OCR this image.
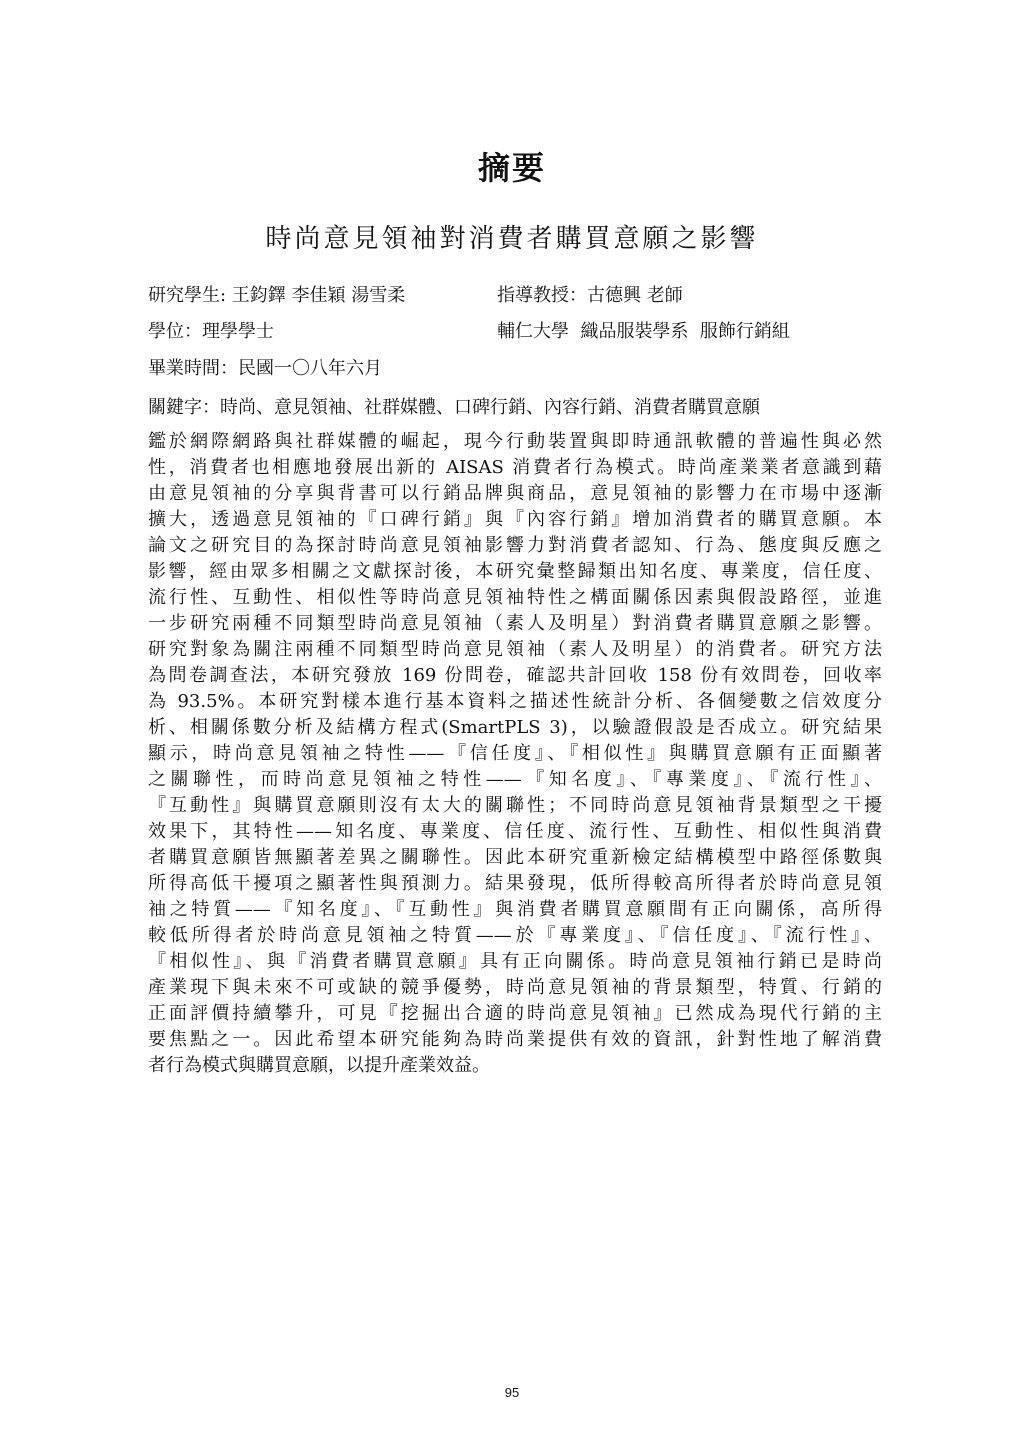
摘要
時尚意見領袖對消費者購買意願之影響
研究學生: 王鈞鐸 李佳穎 湯雪柔	指導教授：古德興 老師
學位：理學學士	輔仁大學  織品服裝學系  服飾行銷組
畢業時間：民國一〇八年六月
關鍵字：時尚、意見領袖、社群媒體、口碑行銷、內容行銷、消費者購買意願
鑑於網際網路與社群媒體的崛起，現今行動裝置與即時通訊軟體的普遍性與必然
性，消費者也相應地發展出新的 AISAS 消費者行為模式。時尚產業業者意識到藉
由意見領袖的分享與背書可以行銷品牌與商品，意見領袖的影響力在市場中逐漸
擴大，透過意見領袖的『口碑行銷』與『內容行銷』增加消費者的購買意願。本
論文之研究目的為探討時尚意見領袖影響力對消費者認知、行為、態度與反應之
影響，經由眾多相關之文獻探討後，本研究彙整歸類出知名度、專業度，信任度、
流行性、互動性、相似性等時尚意見領袖特性之構面關係因素與假設路徑，並進
一步研究兩種不同類型時尚意見領袖（素人及明星）對消費者購買意願之影響。
研究對象為關注兩種不同類型時尚意見領袖（素人及明星）的消費者。研究方法
為問卷調查法，本研究發放 169 份問卷，確認共計回收 158 份有效問卷，回收率
為 93.5%。本研究對樣本進行基本資料之描述性統計分析、各個變數之信效度分
析、相關係數分析及結構方程式(SmartPLS 3)，以驗證假設是否成立。研究結果
顯示，時尚意見領袖之特性——『信任度』、『相似性』與購買意願有正面顯著
之關聯性，而時尚意見領袖之特性——『知名度』、『專業度』、『流行性』、
『互動性』與購買意願則沒有太大的關聯性；不同時尚意見領袖背景類型之干擾
效果下，其特性——知名度、專業度、信任度、流行性、互動性、相似性與消費
者購買意願皆無顯著差異之關聯性。因此本研究重新檢定結構模型中路徑係數與
所得高低干擾項之顯著性與預測力。結果發現，低所得較高所得者於時尚意見領
袖之特質——『知名度』、『互動性』與消費者購買意願間有正向關係，高所得
較低所得者於時尚意見領袖之特質——於『專業度』、『信任度』、『流行性』、
『相似性』、與『消費者購買意願』具有正向關係。時尚意見領袖行銷已是時尚
產業現下與未來不可或缺的競爭優勢，時尚意見領袖的背景類型，特質、行銷的
正面評價持續攀升，可見『挖掘出合適的時尚意見領袖』已然成為現代行銷的主
要焦點之一。因此希望本研究能夠為時尚業提供有效的資訊，針對性地了解消費
者行為模式與購買意願，以提升產業效益。
95
